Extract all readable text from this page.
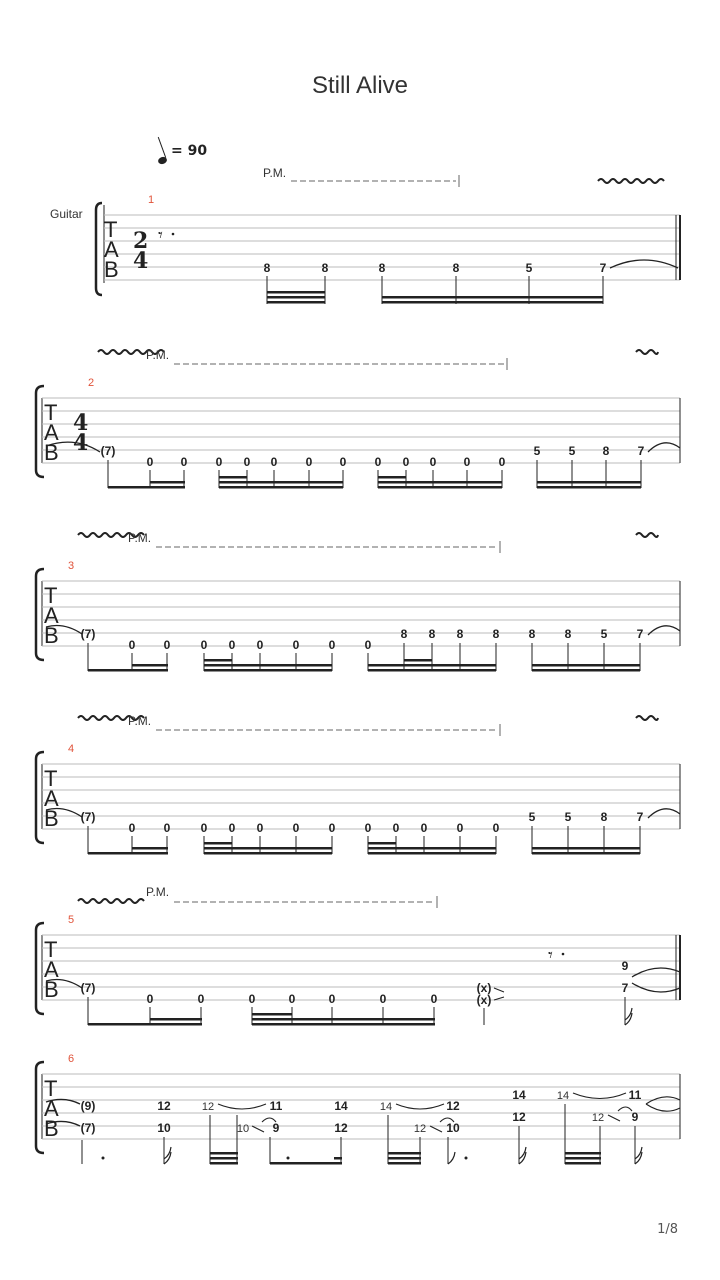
Still Alive
= 90
Guitar
1/8
1
T
A
B
2
4
𝄾
P.M.
8	8	8	8	5	7
2
T
A
B
4
4
P.M.
(7)
0 0 0 0 0 0 0 0 0 0 0 0
5 5 8 7
3
T
A
B
P.M.
(7)
0 0	0 0 0 0 0 0
8 8 8 8 8 8 5 7
4
T
A
B
P.M.
(7)
0 0	0 0 0 0 0 0 0 0 0 0
5 5 8 7
5
T
A
B
P.M.
𝄾
(7)
0	0	0	0	0	0	0
(x)
(x)
9
7
6
T
A
B
(9)
(7)
12
10
12	11
10 9
14
12
14	12
12 10
14
12
14	11
12 9
